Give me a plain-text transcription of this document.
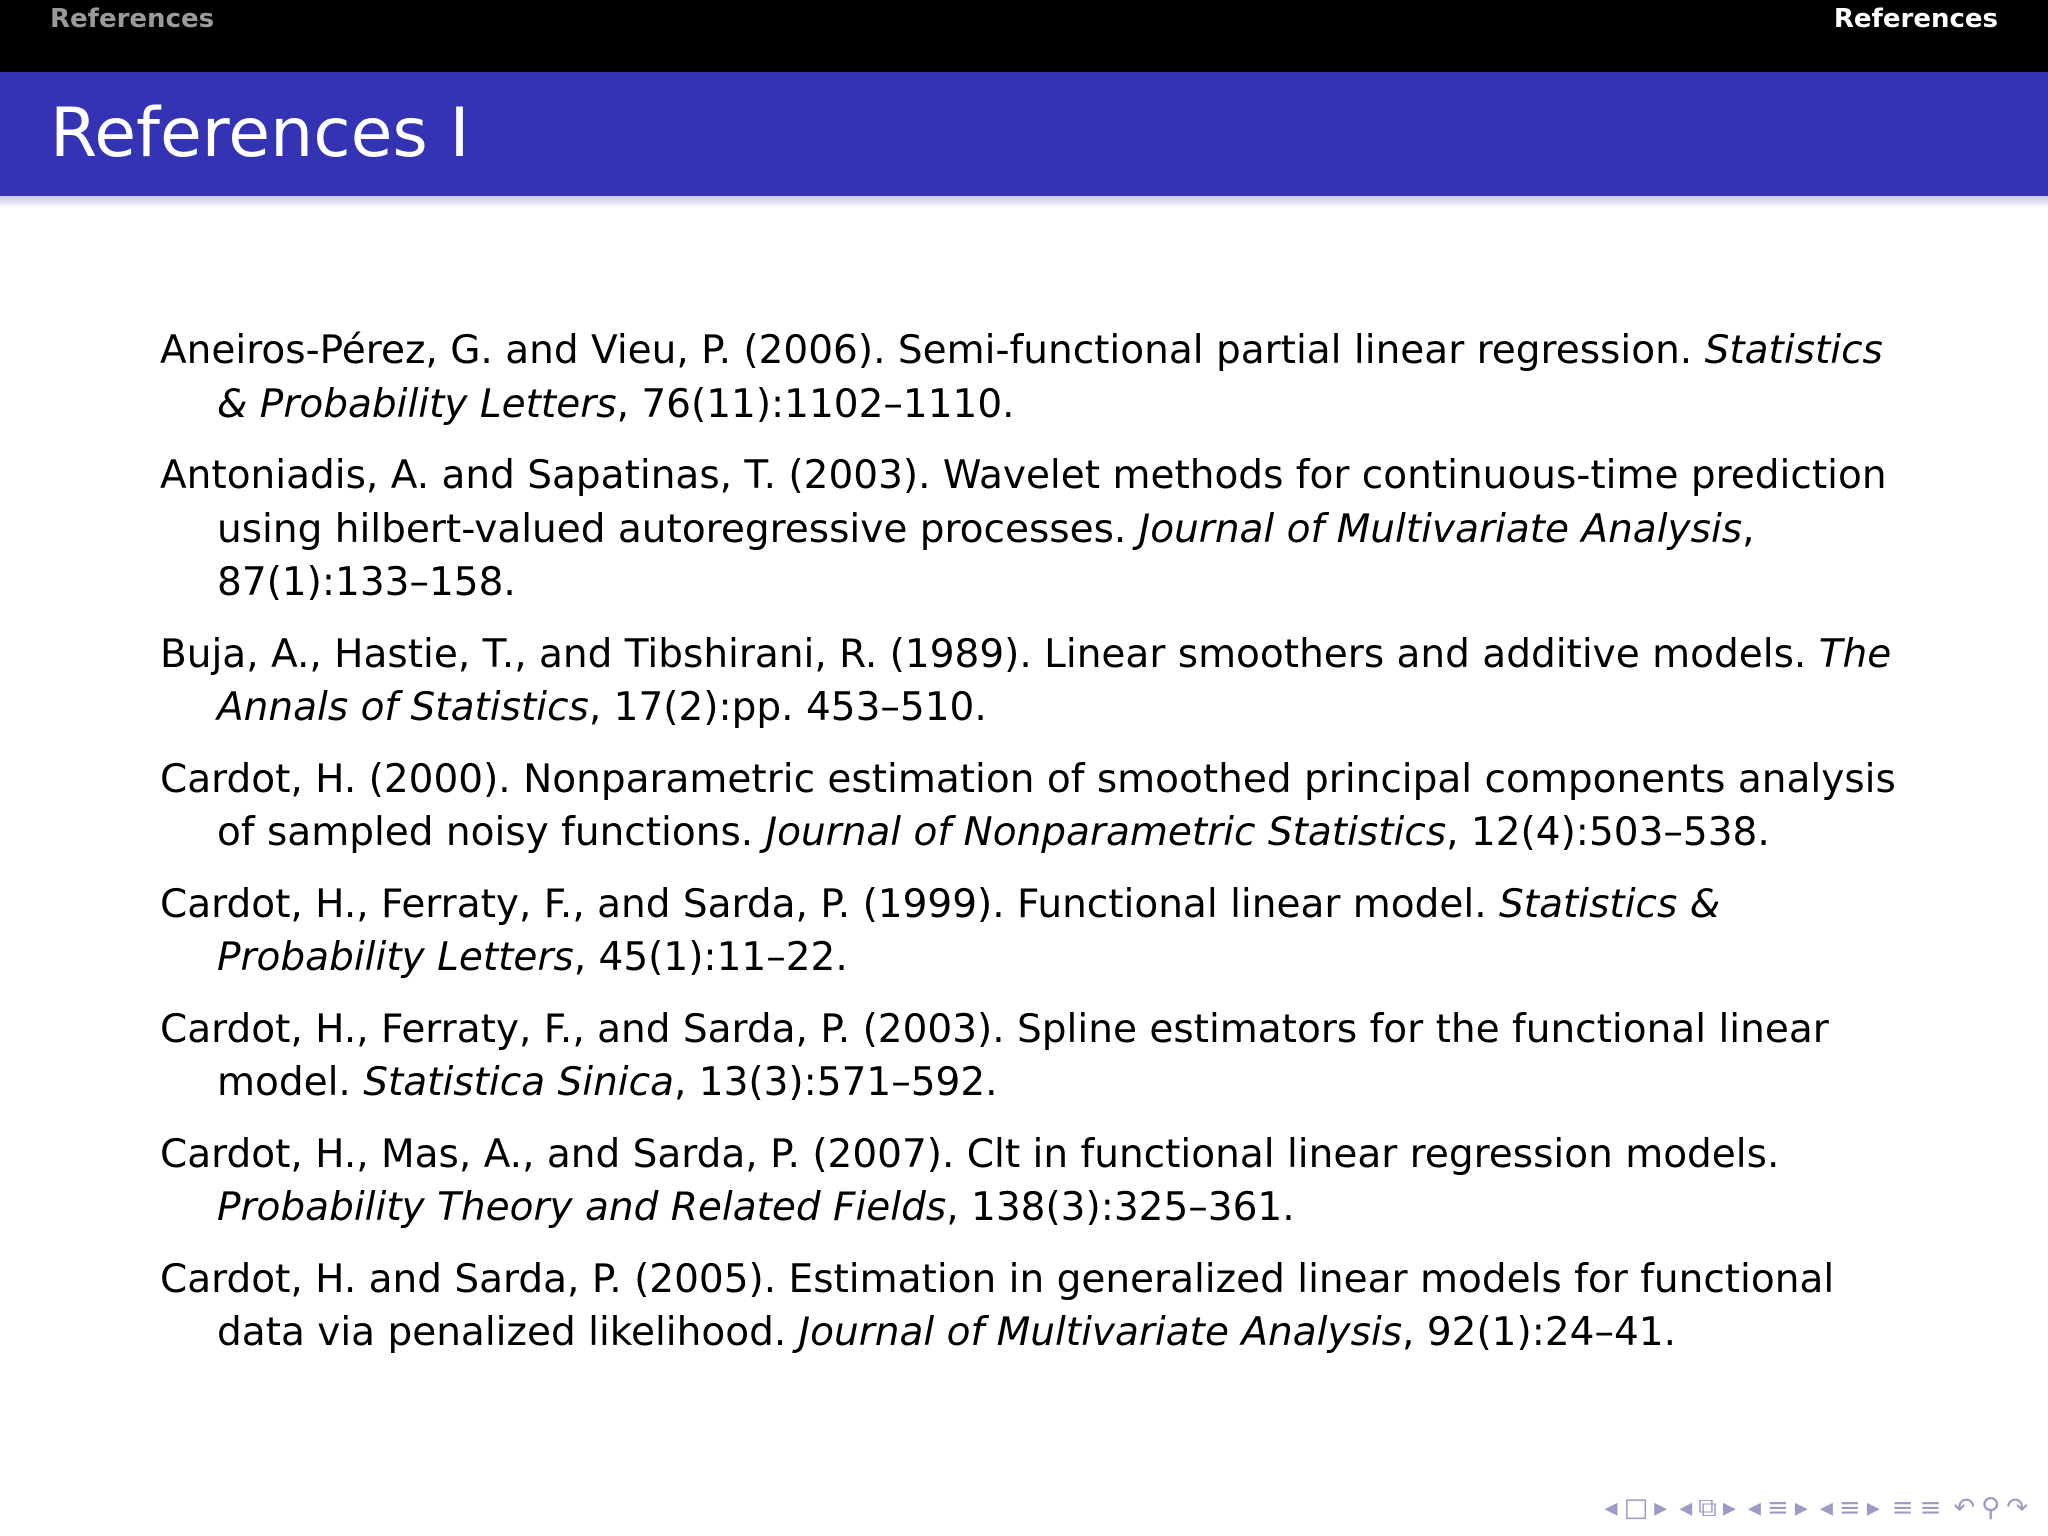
References	References
References I
Aneiros-Pérez, G. and Vieu, P. (2006). Semi-functional partial linear regression. Statistics & Probability Letters, 76(11):1102–1110.
Antoniadis, A. and Sapatinas, T. (2003). Wavelet methods for continuous-time prediction using hilbert-valued autoregressive processes. Journal of Multivariate Analysis, 87(1):133–158.
Buja, A., Hastie, T., and Tibshirani, R. (1989). Linear smoothers and additive models. The Annals of Statistics, 17(2):pp. 453–510.
Cardot, H. (2000). Nonparametric estimation of smoothed principal components analysis of sampled noisy functions. Journal of Nonparametric Statistics, 12(4):503–538.
Cardot, H., Ferraty, F., and Sarda, P. (1999). Functional linear model. Statistics & Probability Letters, 45(1):11–22.
Cardot, H., Ferraty, F., and Sarda, P. (2003). Spline estimators for the functional linear model. Statistica Sinica, 13(3):571–592.
Cardot, H., Mas, A., and Sarda, P. (2007). Clt in functional linear regression models. Probability Theory and Related Fields, 138(3):325–361.
Cardot, H. and Sarda, P. (2005). Estimation in generalized linear models for functional data via penalized likelihood. Journal of Multivariate Analysis, 92(1):24–41.
◂ □ ▸ ◂ ⧉ ▸ ◂ ≡ ▸ ◂ ≡ ▸ ≡ ≡ ↶ ⚲ ↷
